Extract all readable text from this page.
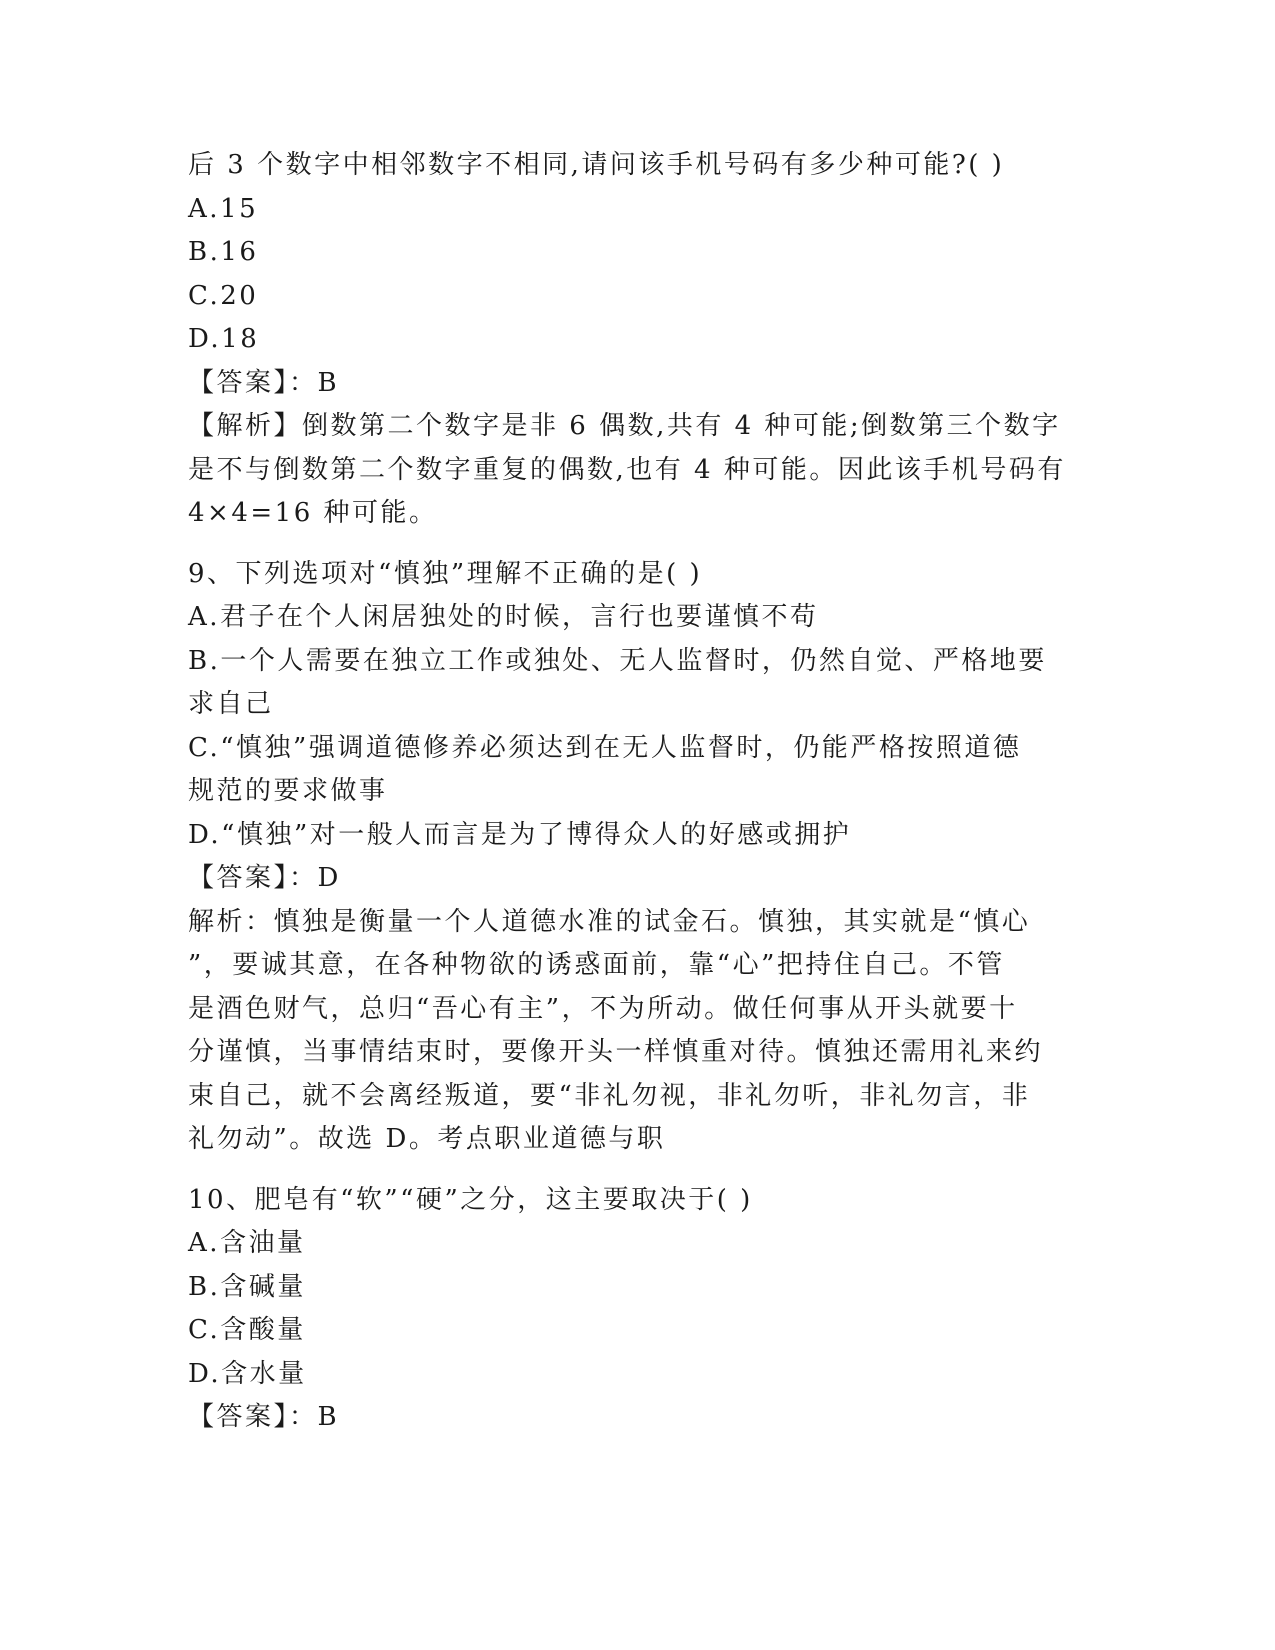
后 3 个数字中相邻数字不相同,请问该手机号码有多少种可能?( )

A.15

B.16

C.20

D.18

【答案】：B

【解析】倒数第二个数字是非 6 偶数,共有 4 种可能;倒数第三个数字

是不与倒数第二个数字重复的偶数,也有 4 种可能。因此该手机号码有

4×4=16 种可能。

9、下列选项对“慎独”理解不正确的是( )

A.君子在个人闲居独处的时候，言行也要谨慎不苟

B.一个人需要在独立工作或独处、无人监督时，仍然自觉、严格地要

求自己

C.“慎独”强调道德修养必须达到在无人监督时，仍能严格按照道德

规范的要求做事

D.“慎独”对一般人而言是为了博得众人的好感或拥护

【答案】：D

解析：慎独是衡量一个人道德水准的试金石。慎独，其实就是“慎心

”，要诚其意，在各种物欲的诱惑面前，靠“心”把持住自己。不管

是酒色财气，总归“吾心有主”，不为所动。做任何事从开头就要十

分谨慎，当事情结束时，要像开头一样慎重对待。慎独还需用礼来约

束自己，就不会离经叛道，要“非礼勿视，非礼勿听，非礼勿言，非

礼勿动”。故选 D。考点职业道德与职

10、肥皂有“软”“硬”之分，这主要取决于( )

A.含油量

B.含碱量

C.含酸量

D.含水量

【答案】：B
